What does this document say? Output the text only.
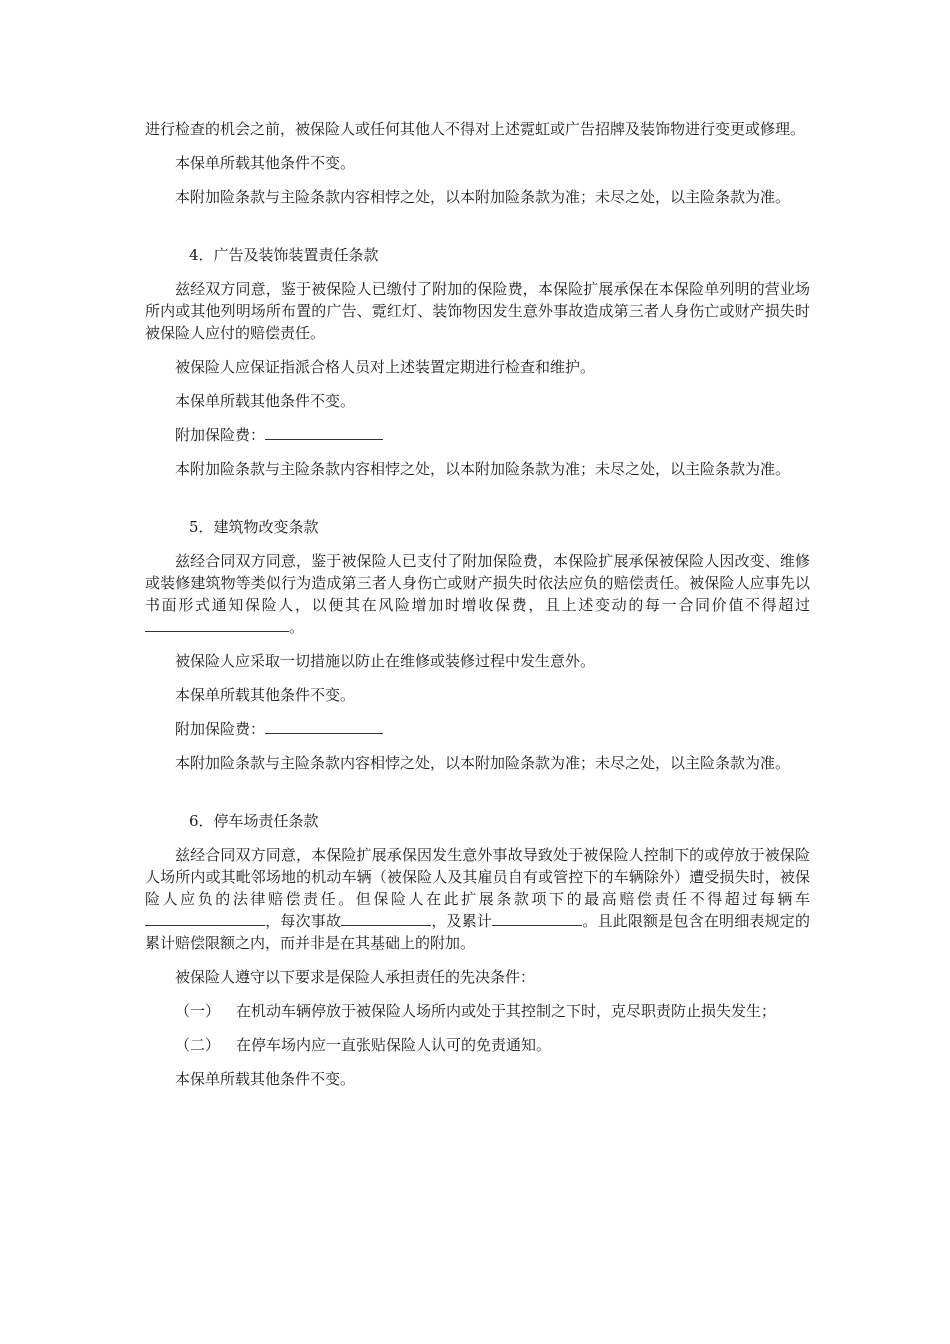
进行检查的机会之前，被保险人或任何其他人不得对上述霓虹或广告招牌及装饰物进行变更或修理。

本保单所载其他条件不变。

本附加险条款与主险条款内容相悖之处，以本附加险条款为准；未尽之处，以主险条款为准。

4．广告及装饰装置责任条款

兹经双方同意，鉴于被保险人已缴付了附加的保险费，本保险扩展承保在本保险单列明的营业场所内或其他列明场所布置的广告、霓红灯、装饰物因发生意外事故造成第三者人身伤亡或财产损失时被保险人应付的赔偿责任。

被保险人应保证指派合格人员对上述装置定期进行检查和维护。

本保单所载其他条件不变。

附加保险费：

本附加险条款与主险条款内容相悖之处，以本附加险条款为准；未尽之处，以主险条款为准。

5．建筑物改变条款

兹经合同双方同意，鉴于被保险人已支付了附加保险费，本保险扩展承保被保险人因改变、维修或装修建筑物等类似行为造成第三者人身伤亡或财产损失时依法应负的赔偿责任。被保险人应事先以书面形式通知保险人，以便其在风险增加时增收保费，且上述变动的每一合同价值不得超过。

被保险人应采取一切措施以防止在维修或装修过程中发生意外。

本保单所载其他条件不变。

附加保险费：

本附加险条款与主险条款内容相悖之处，以本附加险条款为准；未尽之处，以主险条款为准。

6．停车场责任条款

兹经合同双方同意，本保险扩展承保因发生意外事故导致处于被保险人控制下的或停放于被保险人场所内或其毗邻场地的机动车辆（被保险人及其雇员自有或管控下的车辆除外）遭受损失时，被保险人应负的法律赔偿责任。但保险人在此扩展条款项下的最高赔偿责任不得超过每辆车，每次事故	，及累计	。且此限额是包含在明细表规定的累计赔偿限额之内，而并非是在其基础上的附加。

被保险人遵守以下要求是保险人承担责任的先决条件：

（一） 在机动车辆停放于被保险人场所内或处于其控制之下时，克尽职责防止损失发生；

（二） 在停车场内应一直张贴保险人认可的免责通知。

本保单所载其他条件不变。
